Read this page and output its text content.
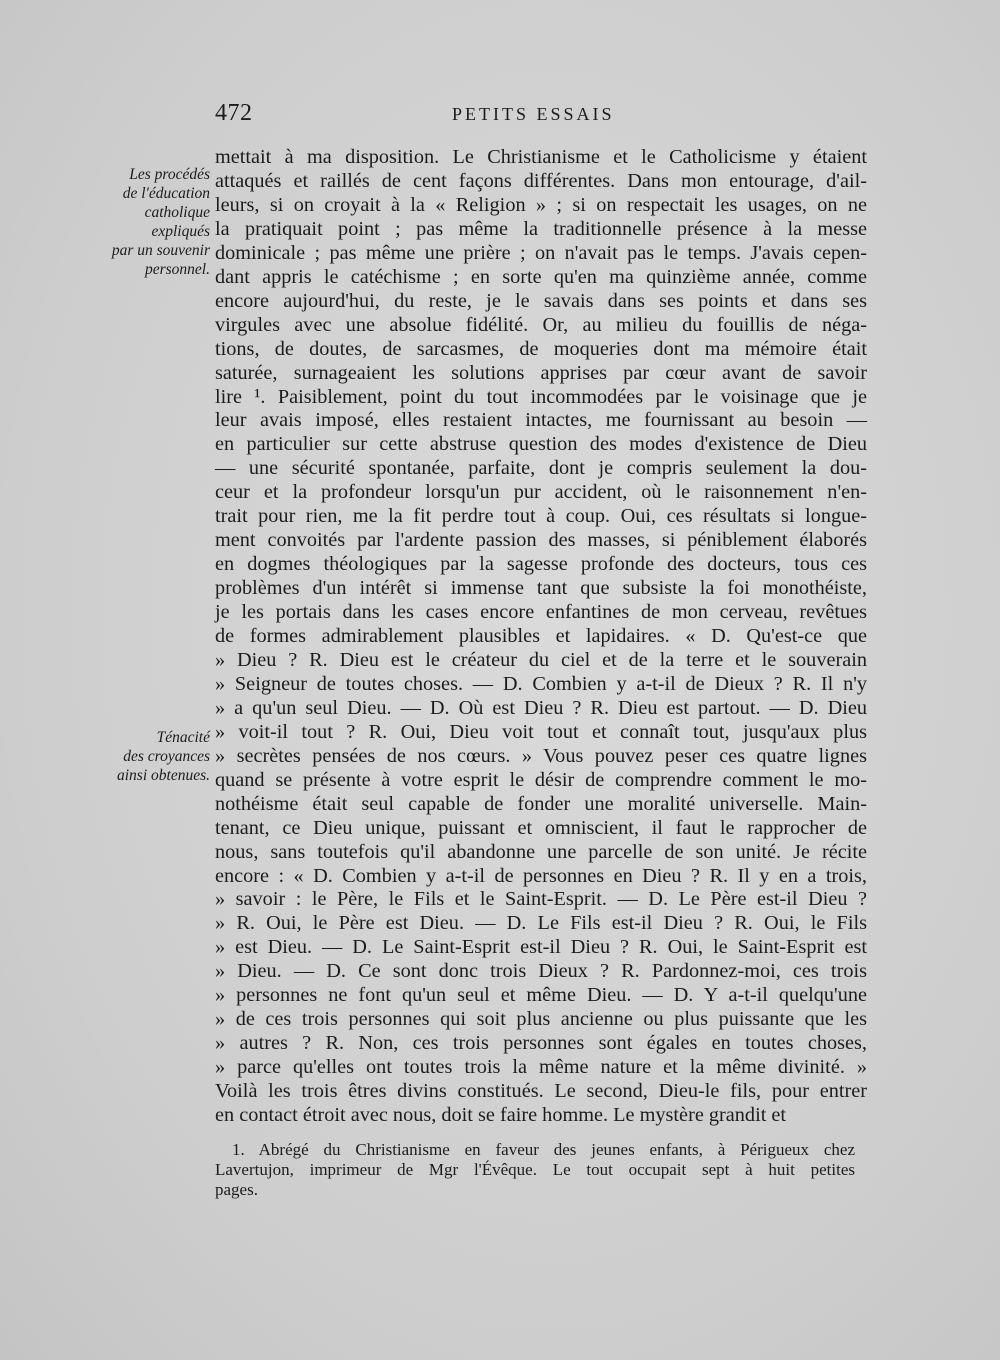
472	PETITS ESSAIS
Les procédés
de l'éducation
catholique
expliqués
par un souvenir
personnel.
Ténacité
des croyances
ainsi obtenues.
mettait à ma disposition. Le Christianisme et le Catholicisme y étaient
attaqués et raillés de cent façons différentes. Dans mon entourage, d'ail-
leurs, si on croyait à la « Religion » ; si on respectait les usages, on ne
la pratiquait point ; pas même la traditionnelle présence à la messe
dominicale ; pas même une prière ; on n'avait pas le temps. J'avais cepen-
dant appris le catéchisme ; en sorte qu'en ma quinzième année, comme
encore aujourd'hui, du reste, je le savais dans ses points et dans ses
virgules avec une absolue fidélité. Or, au milieu du fouillis de néga-
tions, de doutes, de sarcasmes, de moqueries dont ma mémoire était
saturée, surnageaient les solutions apprises par cœur avant de savoir
lire ¹. Paisiblement, point du tout incommodées par le voisinage que je
leur avais imposé, elles restaient intactes, me fournissant au besoin —
en particulier sur cette abstruse question des modes d'existence de Dieu
— une sécurité spontanée, parfaite, dont je compris seulement la dou-
ceur et la profondeur lorsqu'un pur accident, où le raisonnement n'en-
trait pour rien, me la fit perdre tout à coup. Oui, ces résultats si longue-
ment convoités par l'ardente passion des masses, si péniblement élaborés
en dogmes théologiques par la sagesse profonde des docteurs, tous ces
problèmes d'un intérêt si immense tant que subsiste la foi monothéiste,
je les portais dans les cases encore enfantines de mon cerveau, revêtues
de formes admirablement plausibles et lapidaires. « D. Qu'est-ce que
» Dieu ? R. Dieu est le créateur du ciel et de la terre et le souverain
» Seigneur de toutes choses. — D. Combien y a-t-il de Dieux ? R. Il n'y
» a qu'un seul Dieu. — D. Où est Dieu ? R. Dieu est partout. — D. Dieu
» voit-il tout ? R. Oui, Dieu voit tout et connaît tout, jusqu'aux plus
» secrètes pensées de nos cœurs. » Vous pouvez peser ces quatre lignes
quand se présente à votre esprit le désir de comprendre comment le mo-
nothéisme était seul capable de fonder une moralité universelle. Main-
tenant, ce Dieu unique, puissant et omniscient, il faut le rapprocher de
nous, sans toutefois qu'il abandonne une parcelle de son unité. Je récite
encore : « D. Combien y a-t-il de personnes en Dieu ? R. Il y en a trois,
» savoir : le Père, le Fils et le Saint-Esprit. — D. Le Père est-il Dieu ?
» R. Oui, le Père est Dieu. — D. Le Fils est-il Dieu ? R. Oui, le Fils
» est Dieu. — D. Le Saint-Esprit est-il Dieu ? R. Oui, le Saint-Esprit est
» Dieu. — D. Ce sont donc trois Dieux ? R. Pardonnez-moi, ces trois
» personnes ne font qu'un seul et même Dieu. — D. Y a-t-il quelqu'une
» de ces trois personnes qui soit plus ancienne ou plus puissante que les
» autres ? R. Non, ces trois personnes sont égales en toutes choses,
» parce qu'elles ont toutes trois la même nature et la même divinité. »
Voilà les trois êtres divins constitués. Le second, Dieu-le fils, pour entrer
en contact étroit avec nous, doit se faire homme. Le mystère grandit et
1. Abrégé du Christianisme en faveur des jeunes enfants, à Périgueux chez
Lavertujon, imprimeur de Mgr l'Évêque. Le tout occupait sept à huit petites
pages.
